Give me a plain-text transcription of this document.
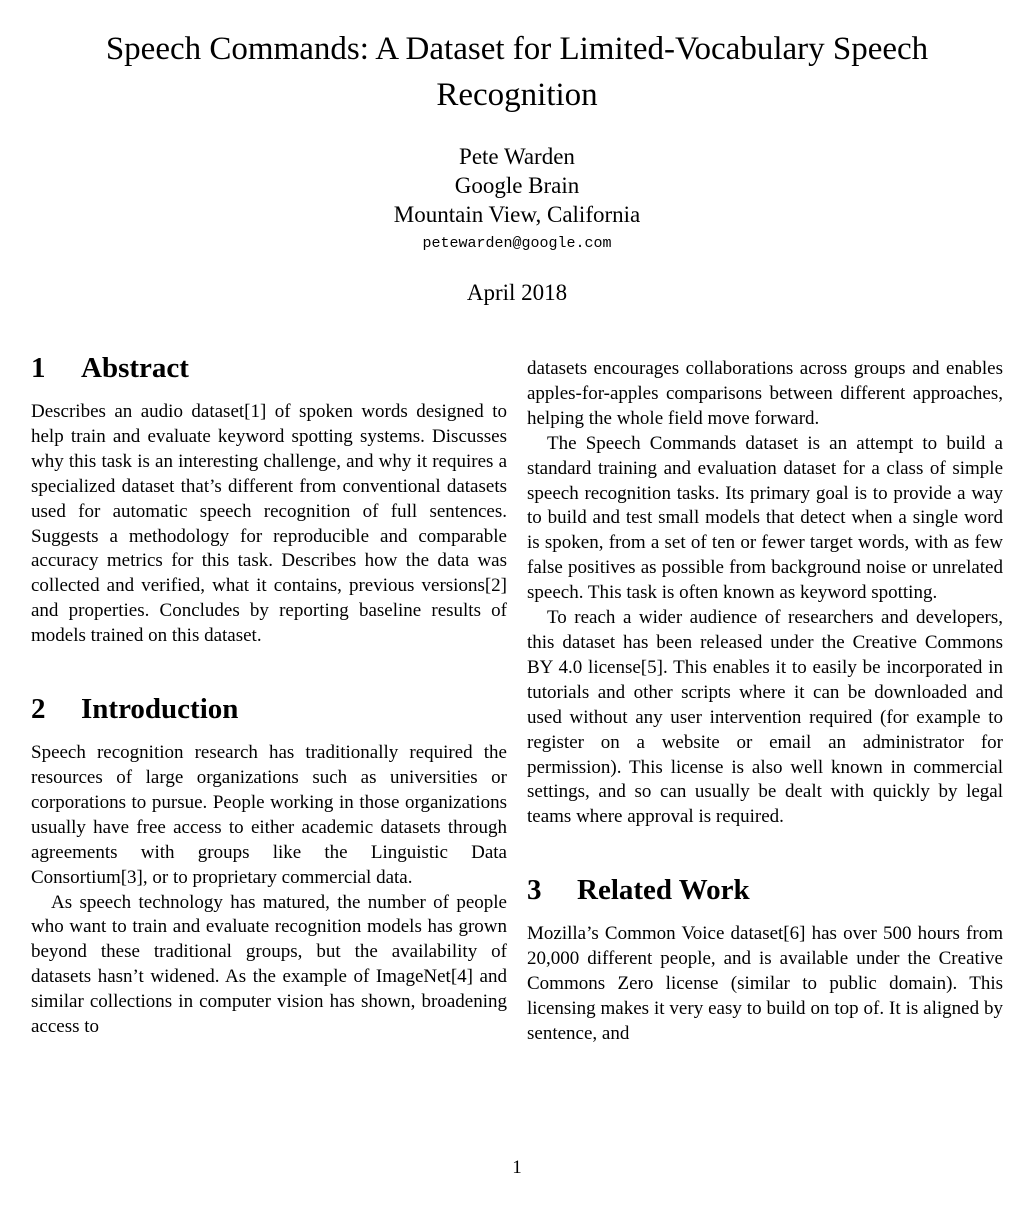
Speech Commands: A Dataset for Limited-Vocabulary Speech Recognition
Pete Warden
Google Brain
Mountain View, California
petewarden@google.com
April 2018
1 Abstract

Describes an audio dataset[1] of spoken words designed to help train and evaluate keyword spotting systems. Discusses why this task is an interesting challenge, and why it requires a specialized dataset that’s different from conventional datasets used for automatic speech recognition of full sentences. Suggests a methodology for reproducible and comparable accuracy metrics for this task. Describes how the data was collected and verified, what it contains, previous versions[2] and properties. Concludes by reporting baseline results of models trained on this dataset.

2 Introduction

Speech recognition research has traditionally required the resources of large organizations such as universities or corporations to pursue. People working in those organizations usually have free access to either academic datasets through agreements with groups like the Linguistic Data Consortium[3], or to proprietary commercial data.

As speech technology has matured, the number of people who want to train and evaluate recognition models has grown beyond these traditional groups, but the availability of datasets hasn’t widened. As the example of ImageNet[4] and similar collections in computer vision has shown, broadening access to

datasets encourages collaborations across groups and enables apples-for-apples comparisons between different approaches, helping the whole field move forward.

The Speech Commands dataset is an attempt to build a standard training and evaluation dataset for a class of simple speech recognition tasks. Its primary goal is to provide a way to build and test small models that detect when a single word is spoken, from a set of ten or fewer target words, with as few false positives as possible from background noise or unrelated speech. This task is often known as keyword spotting.

To reach a wider audience of researchers and developers, this dataset has been released under the Creative Commons BY 4.0 license[5]. This enables it to easily be incorporated in tutorials and other scripts where it can be downloaded and used without any user intervention required (for example to register on a website or email an administrator for permission). This license is also well known in commercial settings, and so can usually be dealt with quickly by legal teams where approval is required.

3 Related Work

Mozilla’s Common Voice dataset[6] has over 500 hours from 20,000 different people, and is available under the Creative Commons Zero license (similar to public domain). This licensing makes it very easy to build on top of. It is aligned by sentence, and

1
